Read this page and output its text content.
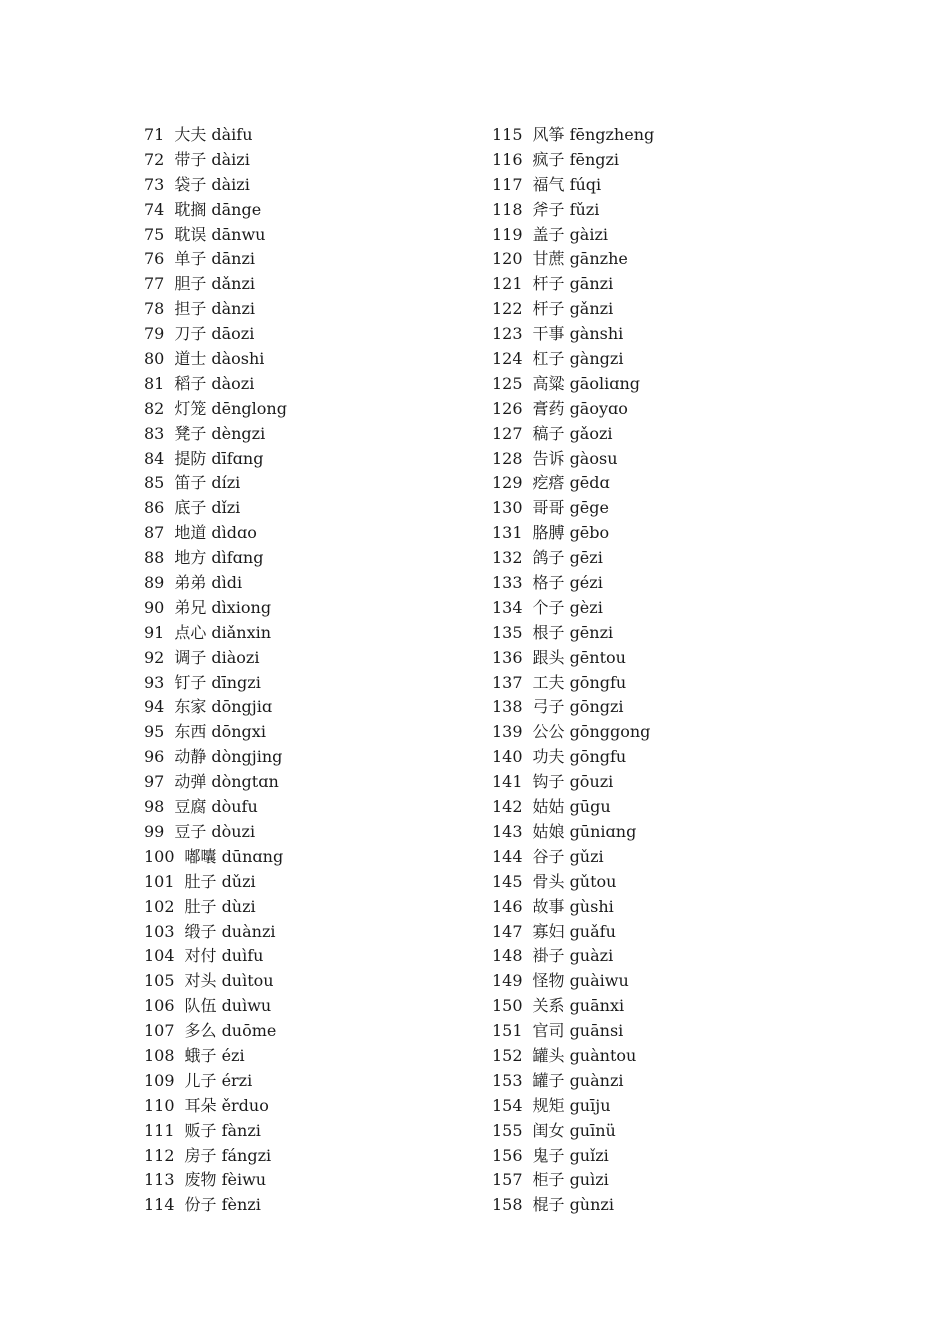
71 大夫 dàifu
72 带子 dàizi
73 袋子 dàizi
74 耽搁 dānge
75 耽误 dānwu
76 单子 dānzi
77 胆子 dǎnzi
78 担子 dànzi
79 刀子 dāozi
80 道士 dàoshi
81 稻子 dàozi
82 灯笼 dēnglong
83 凳子 dèngzi
84 提防 dīfɑng
85 笛子 dízi
86 底子 dǐzi
87 地道 dìdɑo
88 地方 dìfɑng
89 弟弟 dìdi
90 弟兄 dìxiong
91 点心 diǎnxin
92 调子 diàozi
93 钉子 dīngzi
94 东家 dōngjiɑ
95 东西 dōngxi
96 动静 dòngjing
97 动弹 dòngtɑn
98 豆腐 dòufu
99 豆子 dòuzi
100 嘟囔 dūnɑng
101 肚子 dǔzi
102 肚子 dùzi
103 缎子 duànzi
104 对付 duìfu
105 对头 duìtou
106 队伍 duìwu
107 多么 duōme
108 蛾子 ézi
109 儿子 érzi
110 耳朵 ěrduo
111 贩子 fànzi
112 房子 fángzi
113 废物 fèiwu
114 份子 fènzi
115 风筝 fēngzheng
116 疯子 fēngzi
117 福气 fúqi
118 斧子 fǔzi
119 盖子 gàizi
120 甘蔗 gānzhe
121 杆子 gānzi
122 杆子 gǎnzi
123 干事 gànshi
124 杠子 gàngzi
125 高粱 gāoliɑng
126 膏药 gāoyɑo
127 稿子 gǎozi
128 告诉 gàosu
129 疙瘩 gēdɑ
130 哥哥 gēge
131 胳膊 gēbo
132 鸽子 gēzi
133 格子 gézi
134 个子 gèzi
135 根子 gēnzi
136 跟头 gēntou
137 工夫 gōngfu
138 弓子 gōngzi
139 公公 gōnggong
140 功夫 gōngfu
141 钩子 gōuzi
142 姑姑 gūgu
143 姑娘 gūniɑng
144 谷子 gǔzi
145 骨头 gǔtou
146 故事 gùshi
147 寡妇 guǎfu
148 褂子 guàzi
149 怪物 guàiwu
150 关系 guānxi
151 官司 guānsi
152 罐头 guàntou
153 罐子 guànzi
154 规矩 guīju
155 闺女 guīnü
156 鬼子 guǐzi
157 柜子 guìzi
158 棍子 gùnzi
